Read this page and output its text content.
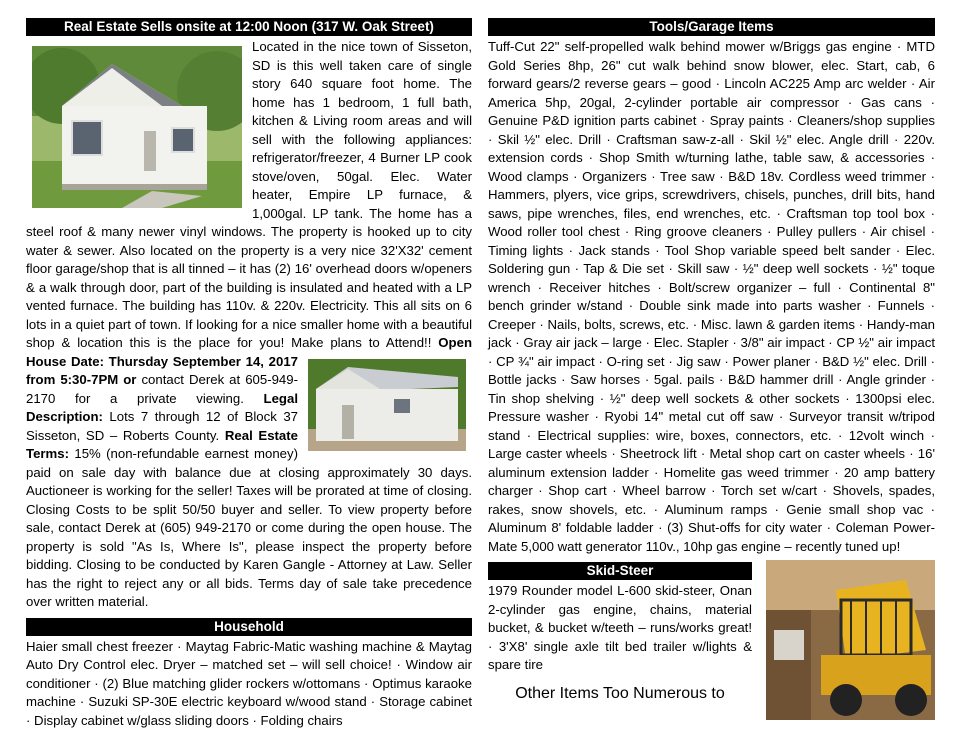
Real Estate Sells onsite at 12:00 Noon (317 W. Oak Street)
Located in the nice town of Sisseton, SD is this well taken care of single story 640 square foot home. The home has 1 bedroom, 1 full bath, kitchen & Living room areas and will sell with the following appliances: refrigerator/freezer, 4 Burner LP cook stove/oven, 50gal. Elec. Water heater, Empire LP furnace, & 1,000gal. LP tank. The home has a steel roof & many newer vinyl windows. The property is hooked up to city water & sewer. Also located on the property is a very nice 32'X32' cement floor garage/shop that is all tinned – it has (2) 16' overhead doors w/openers & a walk through door, part of the building is insulated and heated with a LP vented furnace. The building has 110v. & 220v. Electricity. This all sits on 6 lots in a quiet part of town. If looking for a nice smaller home with a beautiful shop & location this is the place for you! Make plans to Attend!!
Open House Date: Thursday September 14, 2017 from 5:30-7PM or contact Derek at 605-949-2170 for a private viewing. Legal Description: Lots 7 through 12 of Block 37 Sisseton, SD – Roberts County. Real Estate Terms: 15% (non-refundable earnest money) paid on sale day with balance due at closing approximately 30 days. Auctioneer is working for the seller! Taxes will be prorated at time of closing. Closing Costs to be split 50/50 buyer and seller. To view property before sale, contact Derek at (605) 949-2170 or come during the open house. The property is sold "As Is, Where Is", please inspect the property before bidding. Closing to be conducted by Karen Gangle - Attorney at Law. Seller has the right to reject any or all bids. Terms day of sale take precedence over written material.
Household
Haier small chest freezer · Maytag Fabric-Matic washing machine & Maytag Auto Dry Control elec. Dryer – matched set – will sell choice! · Window air conditioner · (2) Blue matching glider rockers w/ottomans · Optimus karaoke machine · Suzuki SP-30E electric keyboard w/wood stand · Storage cabinet · Display cabinet w/glass sliding doors · Folding chairs
Tools/Garage Items
Tuff-Cut 22" self-propelled walk behind mower w/Briggs gas engine · MTD Gold Series 8hp, 26" cut walk behind snow blower, elec. Start, cab, 6 forward gears/2 reverse gears – good · Lincoln AC225 Amp arc welder · Air America 5hp, 20gal, 2-cylinder portable air compressor · Gas cans · Genuine P&D ignition parts cabinet · Spray paints · Cleaners/shop supplies · Skil ½" elec. Drill · Craftsman saw-z-all · Skil ½" elec. Angle drill · 220v. extension cords · Shop Smith w/turning lathe, table saw, & accessories · Wood clamps · Organizers · Tree saw · B&D 18v. Cordless weed trimmer · Hammers, plyers, vice grips, screwdrivers, chisels, punches, drill bits, hand saws, pipe wrenches, files, end wrenches, etc. · Craftsman top tool box · Wood roller tool chest · Ring groove cleaners · Pulley pullers · Air chisel · Timing lights · Jack stands · Tool Shop variable speed belt sander · Elec. Soldering gun · Tap & Die set · Skill saw · ½" deep well sockets · ½" toque wrench · Receiver hitches · Bolt/screw organizer – full · Continental 8" bench grinder w/stand · Double sink made into parts washer · Funnels · Creeper · Nails, bolts, screws, etc. · Misc. lawn & garden items · Handy-man jack · Gray air jack – large · Elec. Stapler · 3/8" air impact · CP ½" air impact · CP ¾" air impact · O-ring set · Jig saw · Power planer · B&D ½" elec. Drill · Bottle jacks · Saw horses · 5gal. pails · B&D hammer drill · Angle grinder · Tin shop shelving · ½" deep well sockets & other sockets · 1300psi elec. Pressure washer · Ryobi 14" metal cut off saw · Surveyor transit w/tripod stand · Electrical supplies: wire, boxes, connectors, etc. · 12volt winch · Large caster wheels · Sheetrock lift · Metal shop cart on caster wheels · 16' aluminum extension ladder · Homelite gas weed trimmer · 20 amp battery charger · Shop cart · Wheel barrow · Torch set w/cart · Shovels, spades, rakes, snow shovels, etc. · Aluminum ramps · Genie small shop vac · Aluminum 8' foldable ladder · (3) Shut-offs for city water · Coleman Power-Mate 5,000 watt generator 110v., 10hp gas engine – recently tuned up!
Skid-Steer
1979 Rounder model L-600 skid-steer, Onan 2-cylinder gas engine, chains, material bucket, & bucket w/teeth – runs/works great! · 3'X8' single axle tilt bed trailer w/lights & spare tire
Other Items Too Numerous to
